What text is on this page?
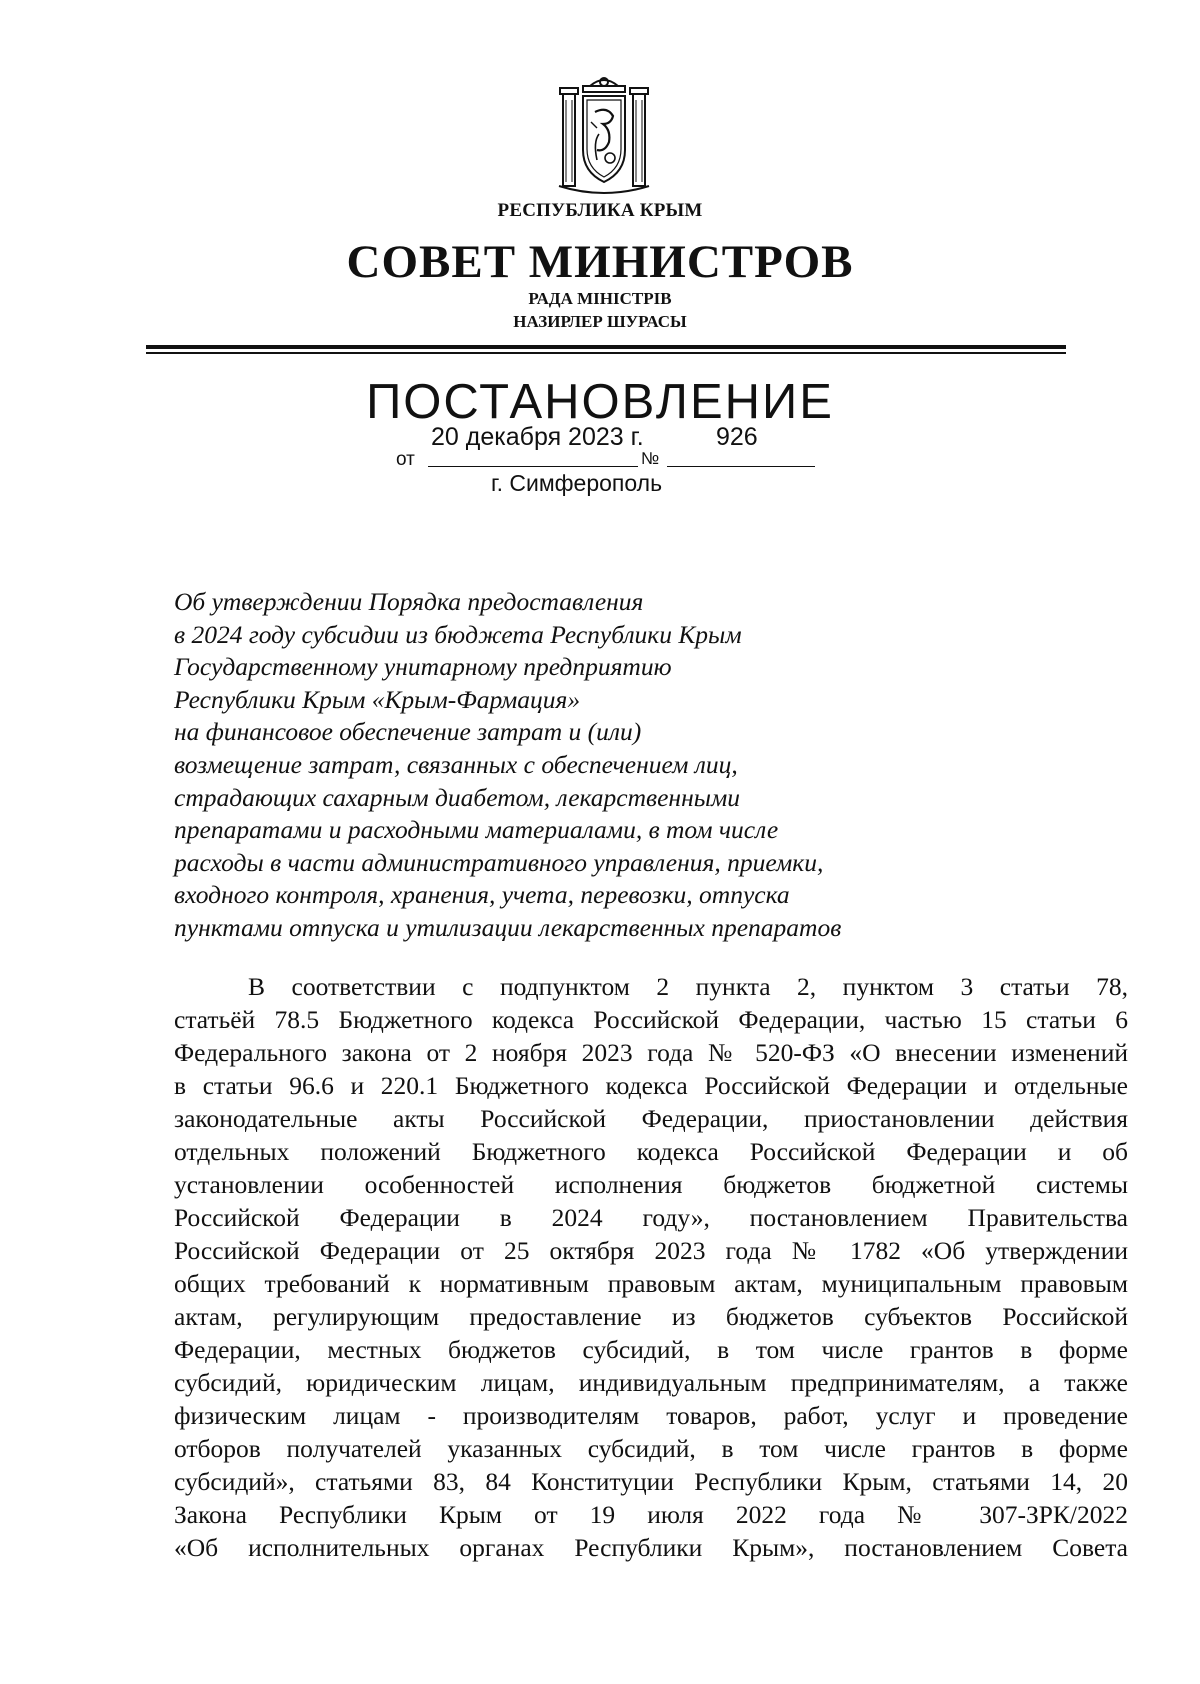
РЕСПУБЛИКА КРЫМ
СОВЕТ МИНИСТРОВ
РАДА МІНІСТРІВ
НАЗИРЛЕР ШУРАСЫ
ПОСТАНОВЛЕНИЕ
от
20 декабря 2023 г.
№
926
г. Симферополь
Об утверждении Порядка предоставления
в 2024 году субсидии из бюджета Республики Крым
Государственному унитарному предприятию
Республики Крым «Крым-Фармация»
на финансовое обеспечение затрат и (или)
возмещение затрат, связанных с обеспечением лиц,
страдающих сахарным диабетом, лекарственными
препаратами и расходными материалами, в том числе
расходы в части административного управления, приемки,
входного контроля, хранения, учета, перевозки, отпуска
пунктами отпуска и утилизации лекарственных препаратов
В соответствии с подпунктом 2 пункта 2, пунктом 3 статьи 78,
статьёй 78.5 Бюджетного кодекса Российской Федерации, частью 15 статьи 6
Федерального закона от 2 ноября 2023 года № 520-ФЗ «О внесении изменений
в статьи 96.6 и 220.1 Бюджетного кодекса Российской Федерации и отдельные
законодательные акты Российской Федерации, приостановлении действия
отдельных положений Бюджетного кодекса Российской Федерации и об
установлении особенностей исполнения бюджетов бюджетной системы
Российской Федерации в 2024 году», постановлением Правительства
Российской Федерации от 25 октября 2023 года № 1782 «Об утверждении
общих требований к нормативным правовым актам, муниципальным правовым
актам, регулирующим предоставление из бюджетов субъектов Российской
Федерации, местных бюджетов субсидий, в том числе грантов в форме
субсидий, юридическим лицам, индивидуальным предпринимателям, а также
физическим лицам - производителям товаров, работ, услуг и проведение
отборов получателей указанных субсидий, в том числе грантов в форме
субсидий», статьями 83, 84 Конституции Республики Крым, статьями 14, 20
Закона Республики Крым от 19 июля 2022 года № 307-ЗРК/2022
«Об исполнительных органах Республики Крым», постановлением Совета
